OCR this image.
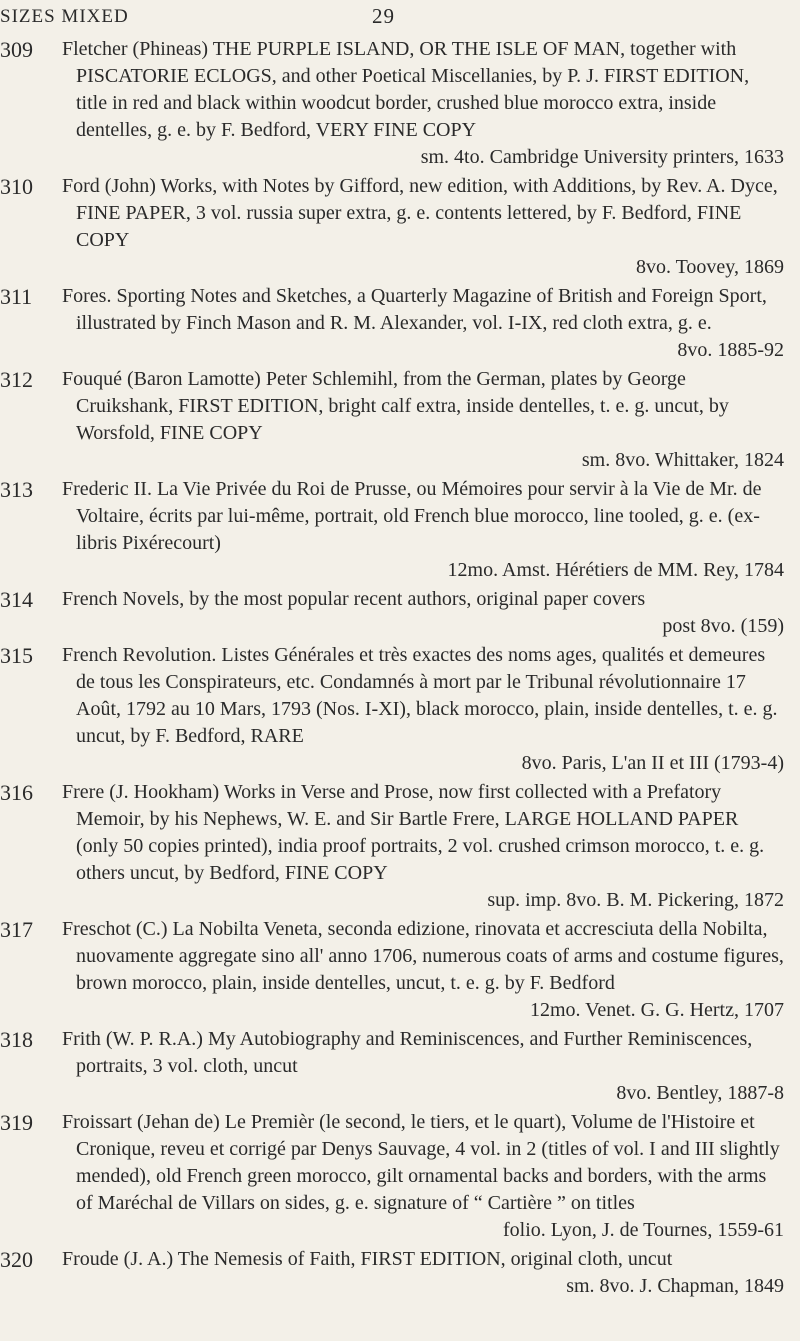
SIZES MIXED	29
309	Fletcher (Phineas) THE PURPLE ISLAND, OR THE ISLE OF MAN, together with PISCATORIE ECLOGS, and other Poetical Miscellanies, by P. J. FIRST EDITION, title in red and black within woodcut border, crushed blue morocco extra, inside dentelles, g. e. by F. Bedford, VERY FINE COPY
sm. 4to. Cambridge University printers, 1633
310	Ford (John) Works, with Notes by Gifford, new edition, with Additions, by Rev. A. Dyce, FINE PAPER, 3 vol. russia super extra, g. e. contents lettered, by F. Bedford, FINE COPY
8vo. Toovey, 1869
311	Fores. Sporting Notes and Sketches, a Quarterly Magazine of British and Foreign Sport, illustrated by Finch Mason and R. M. Alexander, vol. I-IX, red cloth extra, g. e.
8vo. 1885-92
312	Fouqué (Baron Lamotte) Peter Schlemihl, from the German, plates by George Cruikshank, FIRST EDITION, bright calf extra, inside dentelles, t. e. g. uncut, by Worsfold, FINE COPY
sm. 8vo. Whittaker, 1824
313	Frederic II. La Vie Privée du Roi de Prusse, ou Mémoires pour servir à la Vie de Mr. de Voltaire, écrits par lui-même, portrait, old French blue morocco, line tooled, g. e. (ex-libris Pixérecourt)
12mo. Amst. Hérétiers de MM. Rey, 1784
314	French Novels, by the most popular recent authors, original paper covers
post 8vo. (159)
315	French Revolution. Listes Générales et très exactes des noms ages, qualités et demeures de tous les Conspirateurs, etc. Condamnés à mort par le Tribunal révolutionnaire 17 Août, 1792 au 10 Mars, 1793 (Nos. I-XI), black morocco, plain, inside dentelles, t. e. g. uncut, by F. Bedford, RARE
8vo. Paris, L'an II et III (1793-4)
316	Frere (J. Hookham) Works in Verse and Prose, now first collected with a Prefatory Memoir, by his Nephews, W. E. and Sir Bartle Frere, LARGE HOLLAND PAPER (only 50 copies printed), india proof portraits, 2 vol. crushed crimson morocco, t. e. g. others uncut, by Bedford, FINE COPY
sup. imp. 8vo. B. M. Pickering, 1872
317	Freschot (C.) La Nobilta Veneta, seconda edizione, rinovata et accresciuta della Nobilta, nuovamente aggregate sino all' anno 1706, numerous coats of arms and costume figures, brown morocco, plain, inside dentelles, uncut, t. e. g. by F. Bedford
12mo. Venet. G. G. Hertz, 1707
318	Frith (W. P. R.A.) My Autobiography and Reminiscences, and Further Reminiscences, portraits, 3 vol. cloth, uncut
8vo. Bentley, 1887-8
319	Froissart (Jehan de) Le Premièr (le second, le tiers, et le quart), Volume de l'Histoire et Cronique, reveu et corrigé par Denys Sauvage, 4 vol. in 2 (titles of vol. I and III slightly mended), old French green morocco, gilt ornamental backs and borders, with the arms of Maréchal de Villars on sides, g. e. signature of “ Cartière ” on titles
folio. Lyon, J. de Tournes, 1559-61
320	Froude (J. A.) The Nemesis of Faith, FIRST EDITION, original cloth, uncut
sm. 8vo. J. Chapman, 1849
